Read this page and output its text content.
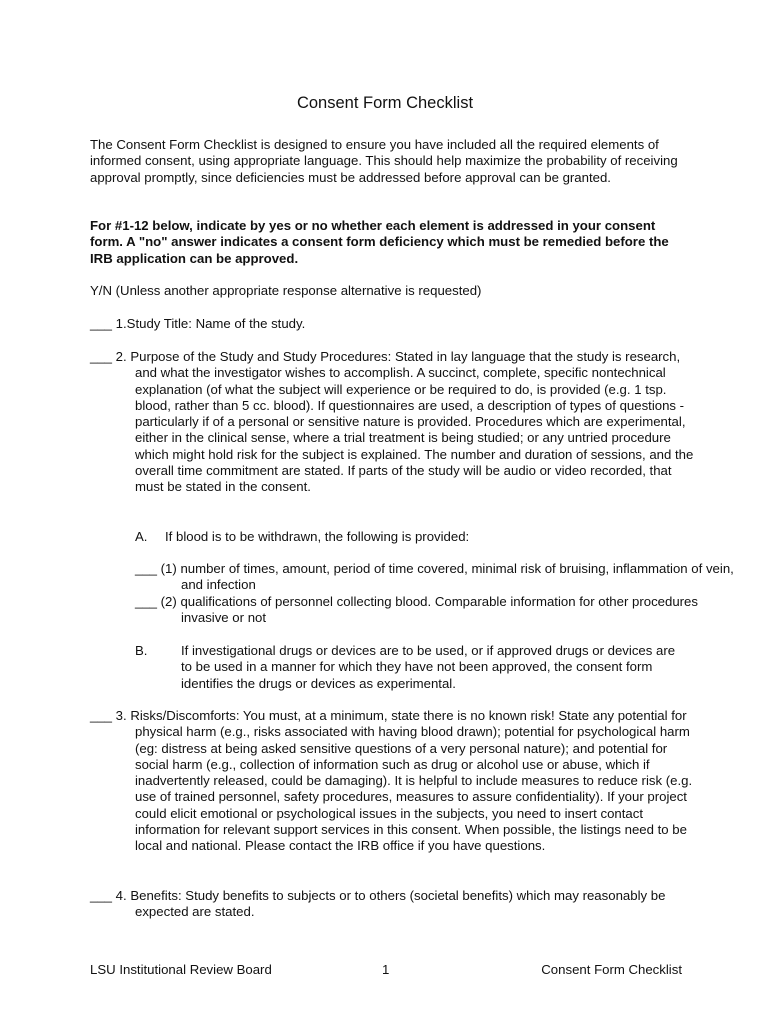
Consent Form Checklist

The Consent Form Checklist is designed to ensure you have included all the required elements of informed consent, using appropriate language. This should help maximize the probability of receiving approval promptly, since deficiencies must be addressed before approval can be granted.

For #1-12 below, indicate by yes or no whether each element is addressed in your consent form. A "no" answer indicates a consent form deficiency which must be remedied before the IRB application can be approved.

Y/N (Unless another appropriate response alternative is requested)

___ 1.Study Title: Name of the study.

___ 2. Purpose of the Study and Study Procedures: Stated in lay language that the study is research, and what the investigator wishes to accomplish. A succinct, complete, specific nontechnical explanation (of what the subject will experience or be required to do, is provided (e.g. 1 tsp. blood, rather than 5 cc. blood). If questionnaires are used, a description of types of questions - particularly if of a personal or sensitive nature is provided. Procedures which are experimental, either in the clinical sense, where a trial treatment is being studied; or any untried procedure which might hold risk for the subject is explained. The number and duration of sessions, and the overall time commitment are stated. If parts of the study will be audio or video recorded, that must be stated in the consent.

A. If blood is to be withdrawn, the following is provided:

___ (1) number of times, amount, period of time covered, minimal risk of bruising, inflammation of vein, and infection

___ (2) qualifications of personnel collecting blood. Comparable information for other procedures invasive or not

B.	If investigational drugs or devices are to be used, or if approved drugs or devices are to be used in a manner for which they have not been approved, the consent form identifies the drugs or devices as experimental.

___ 3. Risks/Discomforts: You must, at a minimum, state there is no known risk! State any potential for physical harm (e.g., risks associated with having blood drawn); potential for psychological harm (eg: distress at being asked sensitive questions of a very personal nature); and potential for social harm (e.g., collection of information such as drug or alcohol use or abuse, which if inadvertently released, could be damaging). It is helpful to include measures to reduce risk (e.g. use of trained personnel, safety procedures, measures to assure confidentiality). If your project could elicit emotional or psychological issues in the subjects, you need to insert contact information for relevant support services in this consent. When possible, the listings need to be local and national. Please contact the IRB office if you have questions.

___ 4. Benefits: Study benefits to subjects or to others (societal benefits) which may reasonably be expected are stated.

LSU Institutional Review Board	1	Consent Form Checklist
